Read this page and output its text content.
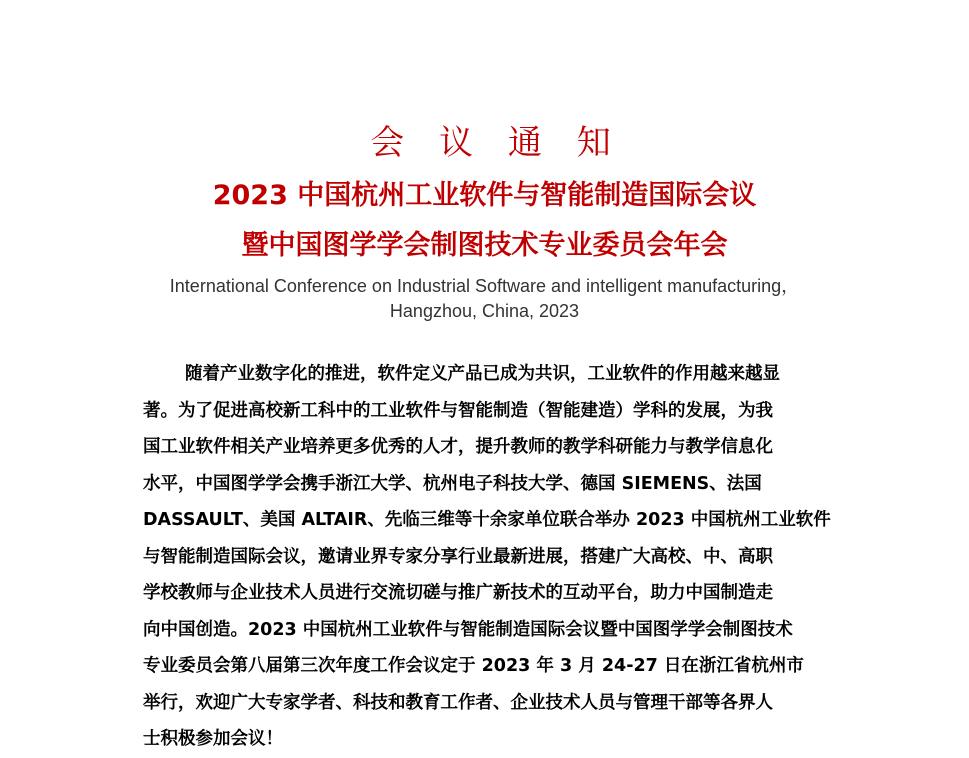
会 议 通 知
2023 中国杭州工业软件与智能制造国际会议
暨中国图学学会制图技术专业委员会年会
International Conference on Industrial Software and intelligent manufacturing，
Hangzhou, China, 2023
随着产业数字化的推进，软件定义产品已成为共识，工业软件的作用越来越显
著。为了促进高校新工科中的工业软件与智能制造（智能建造）学科的发展，为我
国工业软件相关产业培养更多优秀的人才，提升教师的教学科研能力与教学信息化
水平，中国图学学会携手浙江大学、杭州电子科技大学、德国 SIEMENS、法国
DASSAULT、美国 ALTAIR、先临三维等十余家单位联合举办 2023 中国杭州工业软件
与智能制造国际会议，邀请业界专家分享行业最新进展，搭建广大高校、中、高职
学校教师与企业技术人员进行交流切磋与推广新技术的互动平台，助力中国制造走
向中国创造。2023 中国杭州工业软件与智能制造国际会议暨中国图学学会制图技术
专业委员会第八届第三次年度工作会议定于 2023 年 3 月 24-27 日在浙江省杭州市
举行，欢迎广大专家学者、科技和教育工作者、企业技术人员与管理干部等各界人
士积极参加会议！
